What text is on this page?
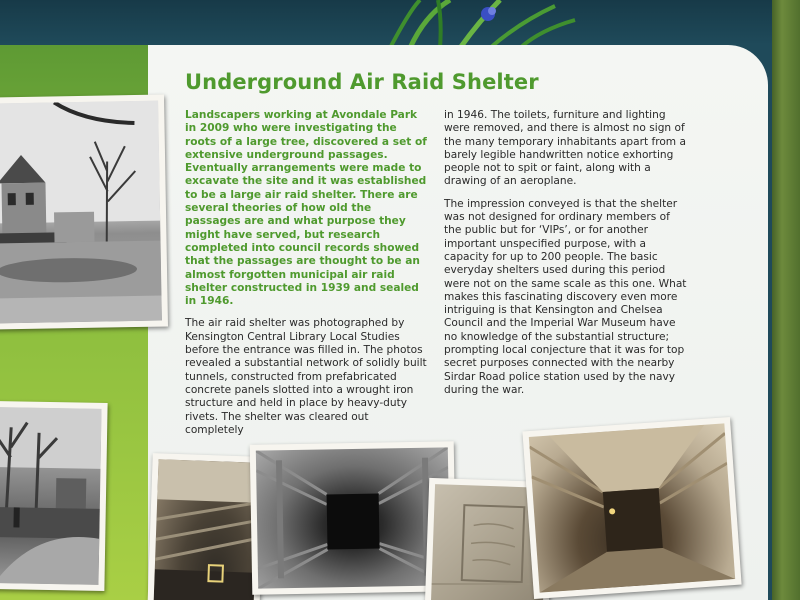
Underground Air Raid Shelter

Landscapers working at Avondale Park in 2009 who were investigating the roots of a large tree, discovered a set of extensive underground passages. Eventually arrangements were made to excavate the site and it was established to be a large air raid shelter. There are several theories of how old the passages are and what purpose they might have served, but research completed into council records showed that the passages are thought to be an almost forgotten municipal air raid shelter constructed in 1939 and sealed in 1946.

The air raid shelter was photographed by Kensington Central Library Local Studies before the entrance was filled in. The photos revealed a substantial network of solidly built tunnels, constructed from prefabricated concrete panels slotted into a wrought iron structure and held in place by heavy-duty rivets. The shelter was cleared out completely

in 1946. The toilets, furniture and lighting were removed, and there is almost no sign of the many temporary inhabitants apart from a barely legible handwritten notice exhorting people not to spit or faint, along with a drawing of an aeroplane.

The impression conveyed is that the shelter was not designed for ordinary members of the public but for ‘VIPs’, or for another important unspecified purpose, with a capacity for up to 200 people. The basic everyday shelters used during this period were not on the same scale as this one. What makes this fascinating discovery even more intriguing is that Kensington and Chelsea Council and the Imperial War Museum have no knowledge of the substantial structure; prompting local conjecture that it was for top secret purposes connected with the nearby Sirdar Road police station used by the navy during the war.
